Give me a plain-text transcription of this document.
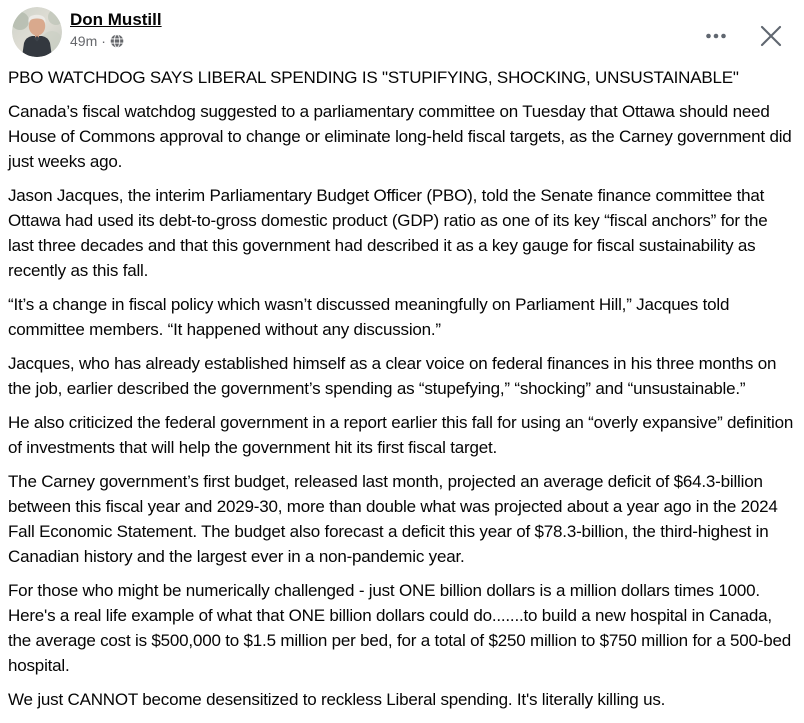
Don Mustill
49m ·

PBO WATCHDOG SAYS LIBERAL SPENDING IS "STUPIFYING, SHOCKING, UNSUSTAINABLE"

Canada’s fiscal watchdog suggested to a parliamentary committee on Tuesday that Ottawa should need House of Commons approval to change or eliminate long-held fiscal targets, as the Carney government did just weeks ago.

Jason Jacques, the interim Parliamentary Budget Officer (PBO), told the Senate finance committee that Ottawa had used its debt-to-gross domestic product (GDP) ratio as one of its key “fiscal anchors” for the last three decades and that this government had described it as a key gauge for fiscal sustainability as recently as this fall.

“It’s a change in fiscal policy which wasn’t discussed meaningfully on Parliament Hill,” Jacques told committee members. “It happened without any discussion.”

Jacques, who has already established himself as a clear voice on federal finances in his three months on the job, earlier described the government’s spending as “stupefying,” “shocking” and “unsustainable.”

He also criticized the federal government in a report earlier this fall for using an “overly expansive” definition of investments that will help the government hit its first fiscal target.

The Carney government’s first budget, released last month, projected an average deficit of $64.3-billion between this fiscal year and 2029-30, more than double what was projected about a year ago in the 2024 Fall Economic Statement. The budget also forecast a deficit this year of $78.3-billion, the third-highest in Canadian history and the largest ever in a non-pandemic year.

For those who might be numerically challenged - just ONE billion dollars is a million dollars times 1000. Here's a real life example of what that ONE billion dollars could do.......to build a new hospital in Canada, the average cost is $500,000 to $1.5 million per bed, for a total of $250 million to $750 million for a 500-bed hospital.

We just CANNOT become desensitized to reckless Liberal spending. It's literally killing us.
